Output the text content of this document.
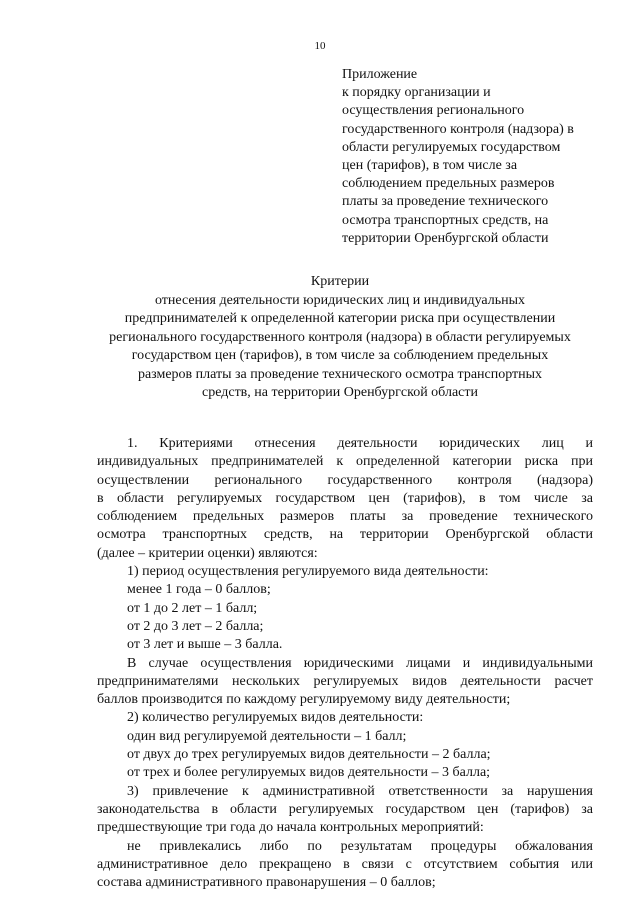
10
Приложение
к порядку организации и
осуществления регионального
государственного контроля (надзора) в
области регулируемых государством
цен (тарифов), в том числе за
соблюдением предельных размеров
платы за проведение технического
осмотра транспортных средств, на
территории Оренбургской области
Критерии
отнесения деятельности юридических лиц и индивидуальных
предпринимателей к определенной категории риска при осуществлении
регионального государственного контроля (надзора) в области регулируемых
государством цен (тарифов), в том числе за соблюдением предельных
размеров платы за проведение технического осмотра транспортных
средств, на территории Оренбургской области
1. Критериями отнесения деятельности юридических лиц и
индивидуальных предпринимателей к определенной категории риска при
осуществлении регионального государственного контроля (надзора)
в области регулируемых государством цен (тарифов), в том числе за
соблюдением предельных размеров платы за проведение технического
осмотра транспортных средств, на территории Оренбургской области
(далее – критерии оценки) являются:
1) период осуществления регулируемого вида деятельности:
менее 1 года – 0 баллов;
от 1 до 2 лет – 1 балл;
от 2 до 3 лет – 2 балла;
от 3 лет и выше – 3 балла.
В случае осуществления юридическими лицами и индивидуальными
предпринимателями нескольких регулируемых видов деятельности расчет
баллов производится по каждому регулируемому виду деятельности;
2) количество регулируемых видов деятельности:
один вид регулируемой деятельности – 1 балл;
от двух до трех регулируемых видов деятельности – 2 балла;
от трех и более регулируемых видов деятельности – 3 балла;
3) привлечение к административной ответственности за нарушения
законодательства в области регулируемых государством цен (тарифов) за
предшествующие три года до начала контрольных мероприятий:
не привлекались либо по результатам процедуры обжалования
административное дело прекращено в связи с отсутствием события или
состава административного правонарушения – 0 баллов;
